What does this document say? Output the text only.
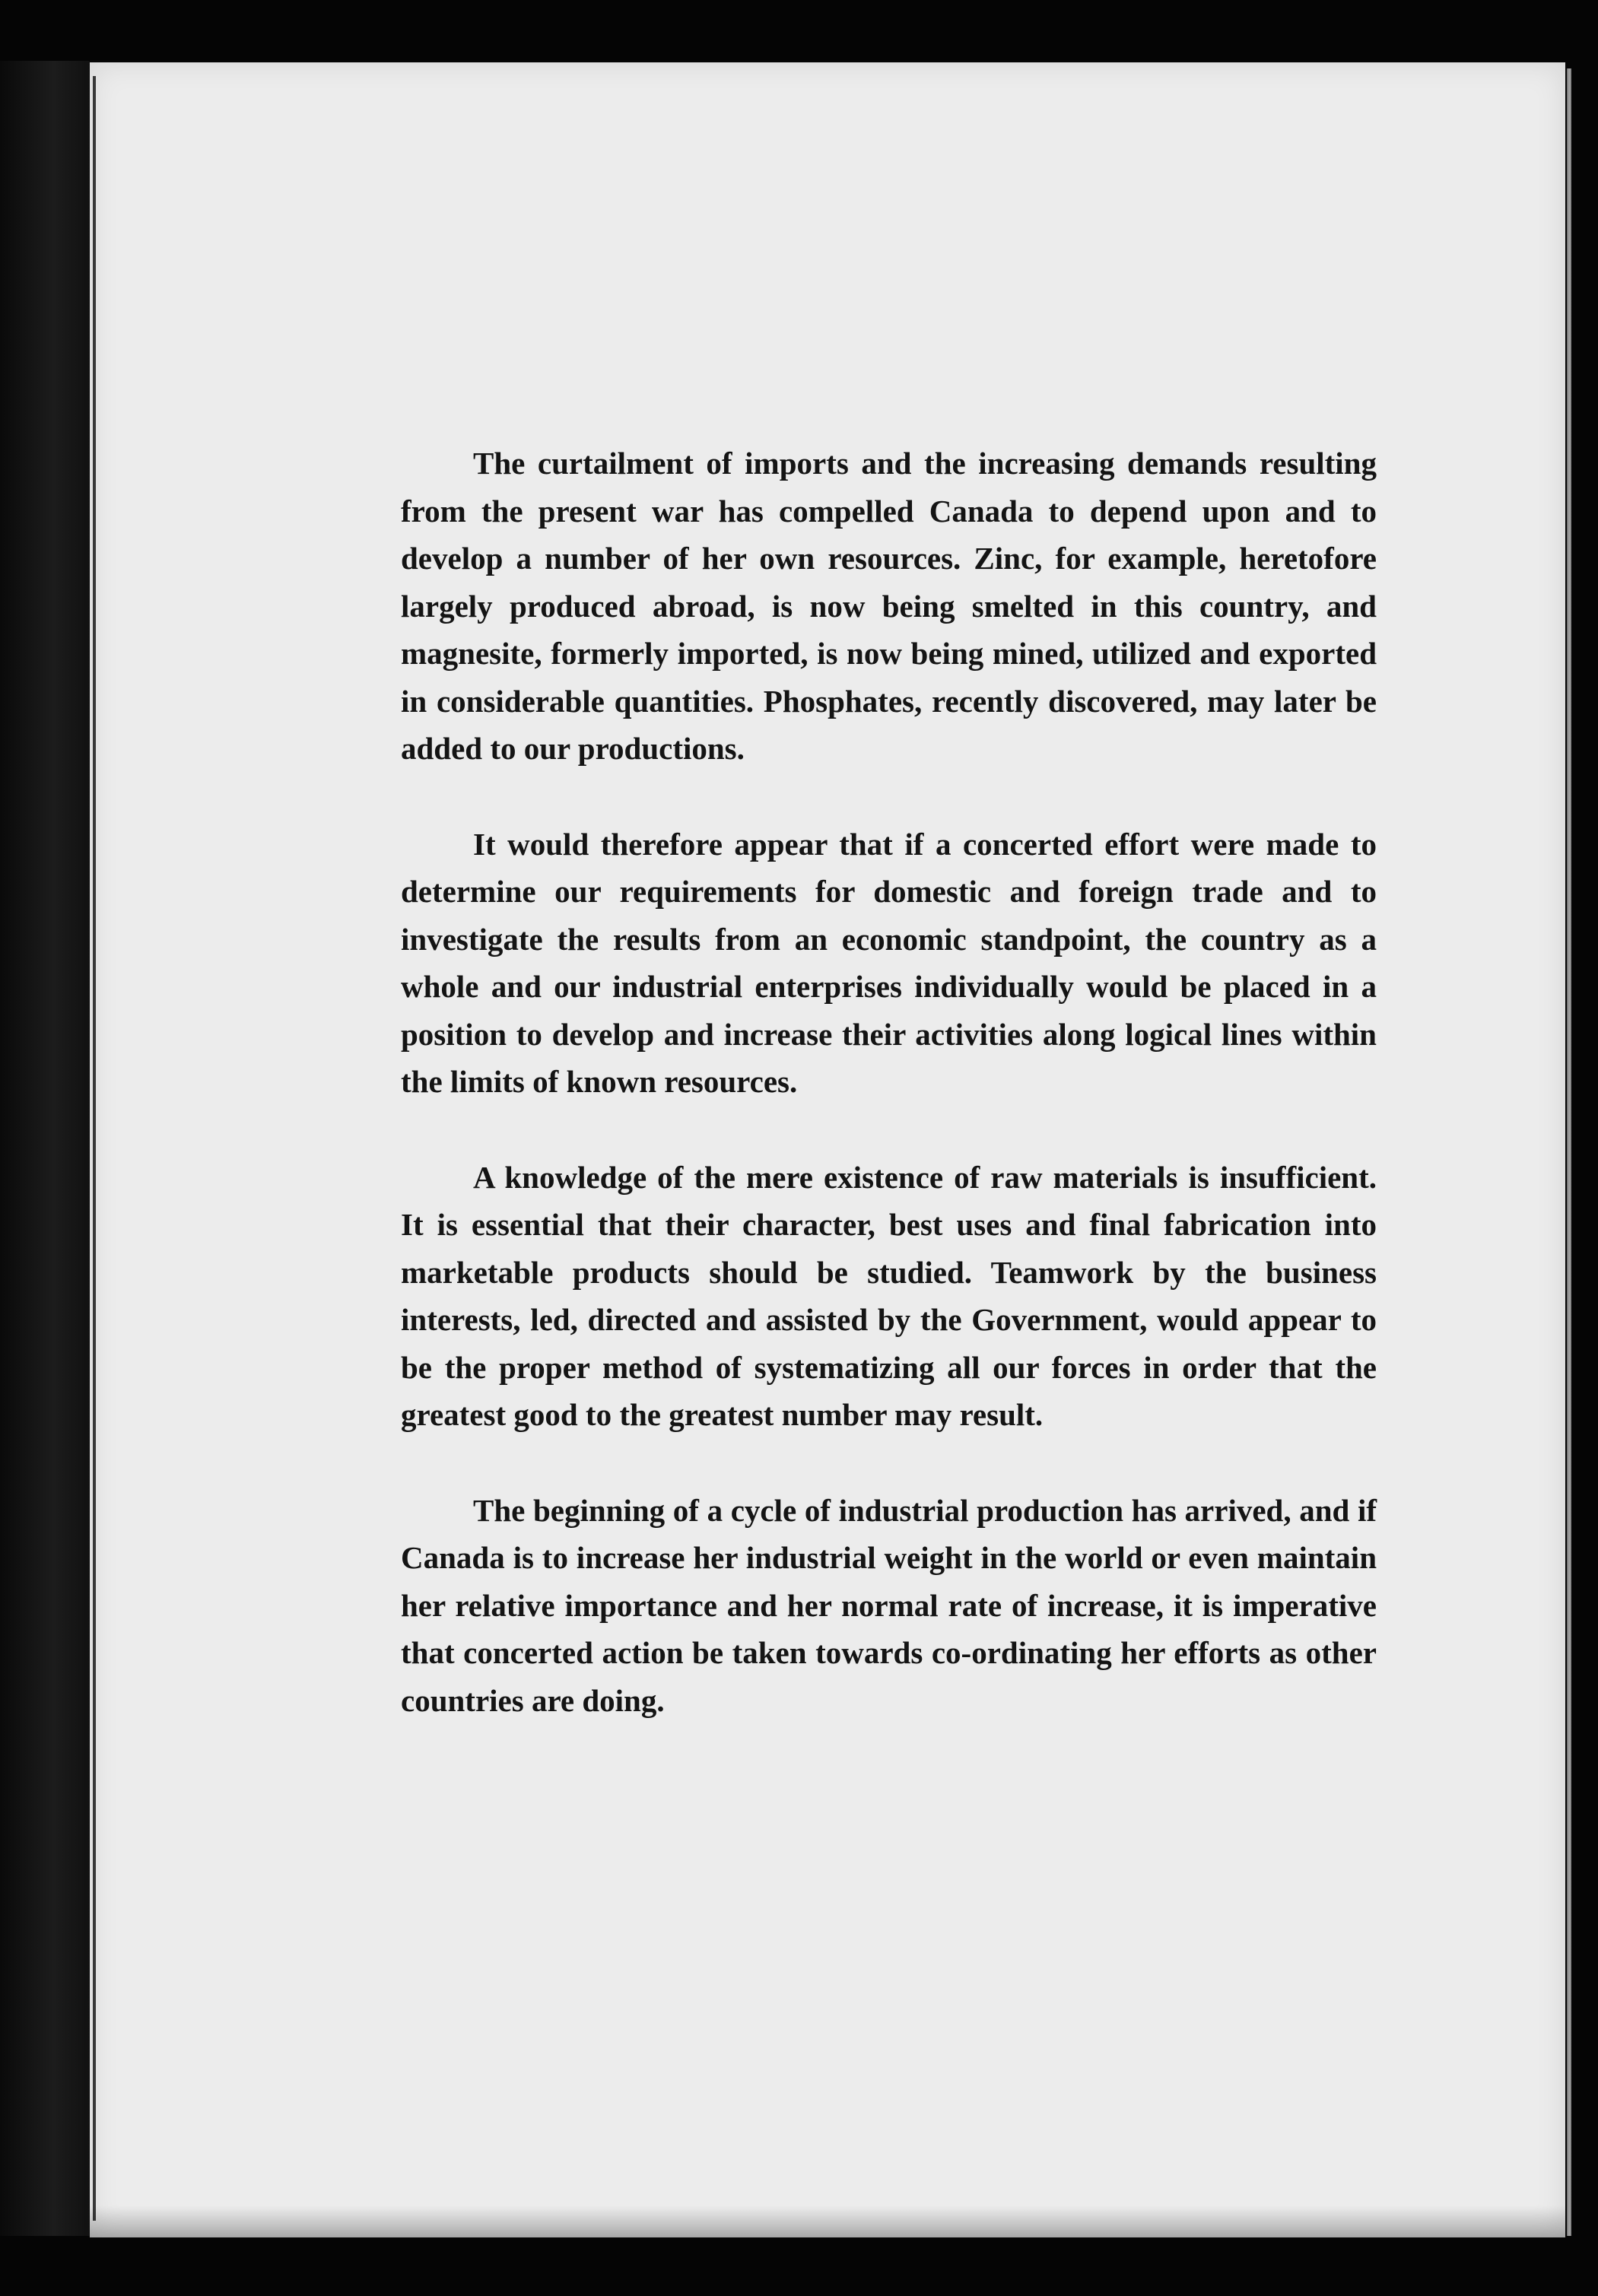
The curtailment of imports and the increasing demands resulting from the present war has compelled Canada to depend upon and to develop a number of her own resources. Zinc, for example, heretofore largely produced abroad, is now being smelted in this country, and magnesite, formerly imported, is now being mined, utilized and exported in considerable quantities. Phosphates, recently discovered, may later be added to our productions.

It would therefore appear that if a concerted effort were made to determine our requirements for domestic and foreign trade and to investigate the results from an economic standpoint, the country as a whole and our industrial enterprises individually would be placed in a position to develop and increase their activities along logical lines within the limits of known resources.

A knowledge of the mere existence of raw materials is insufficient. It is essential that their character, best uses and final fabrication into marketable products should be studied. Teamwork by the business interests, led, directed and assisted by the Government, would appear to be the proper method of systematizing all our forces in order that the greatest good to the greatest number may result.

The beginning of a cycle of industrial production has arrived, and if Canada is to increase her industrial weight in the world or even maintain her relative importance and her normal rate of increase, it is imperative that concerted action be taken towards co-ordinating her efforts as other countries are doing.
